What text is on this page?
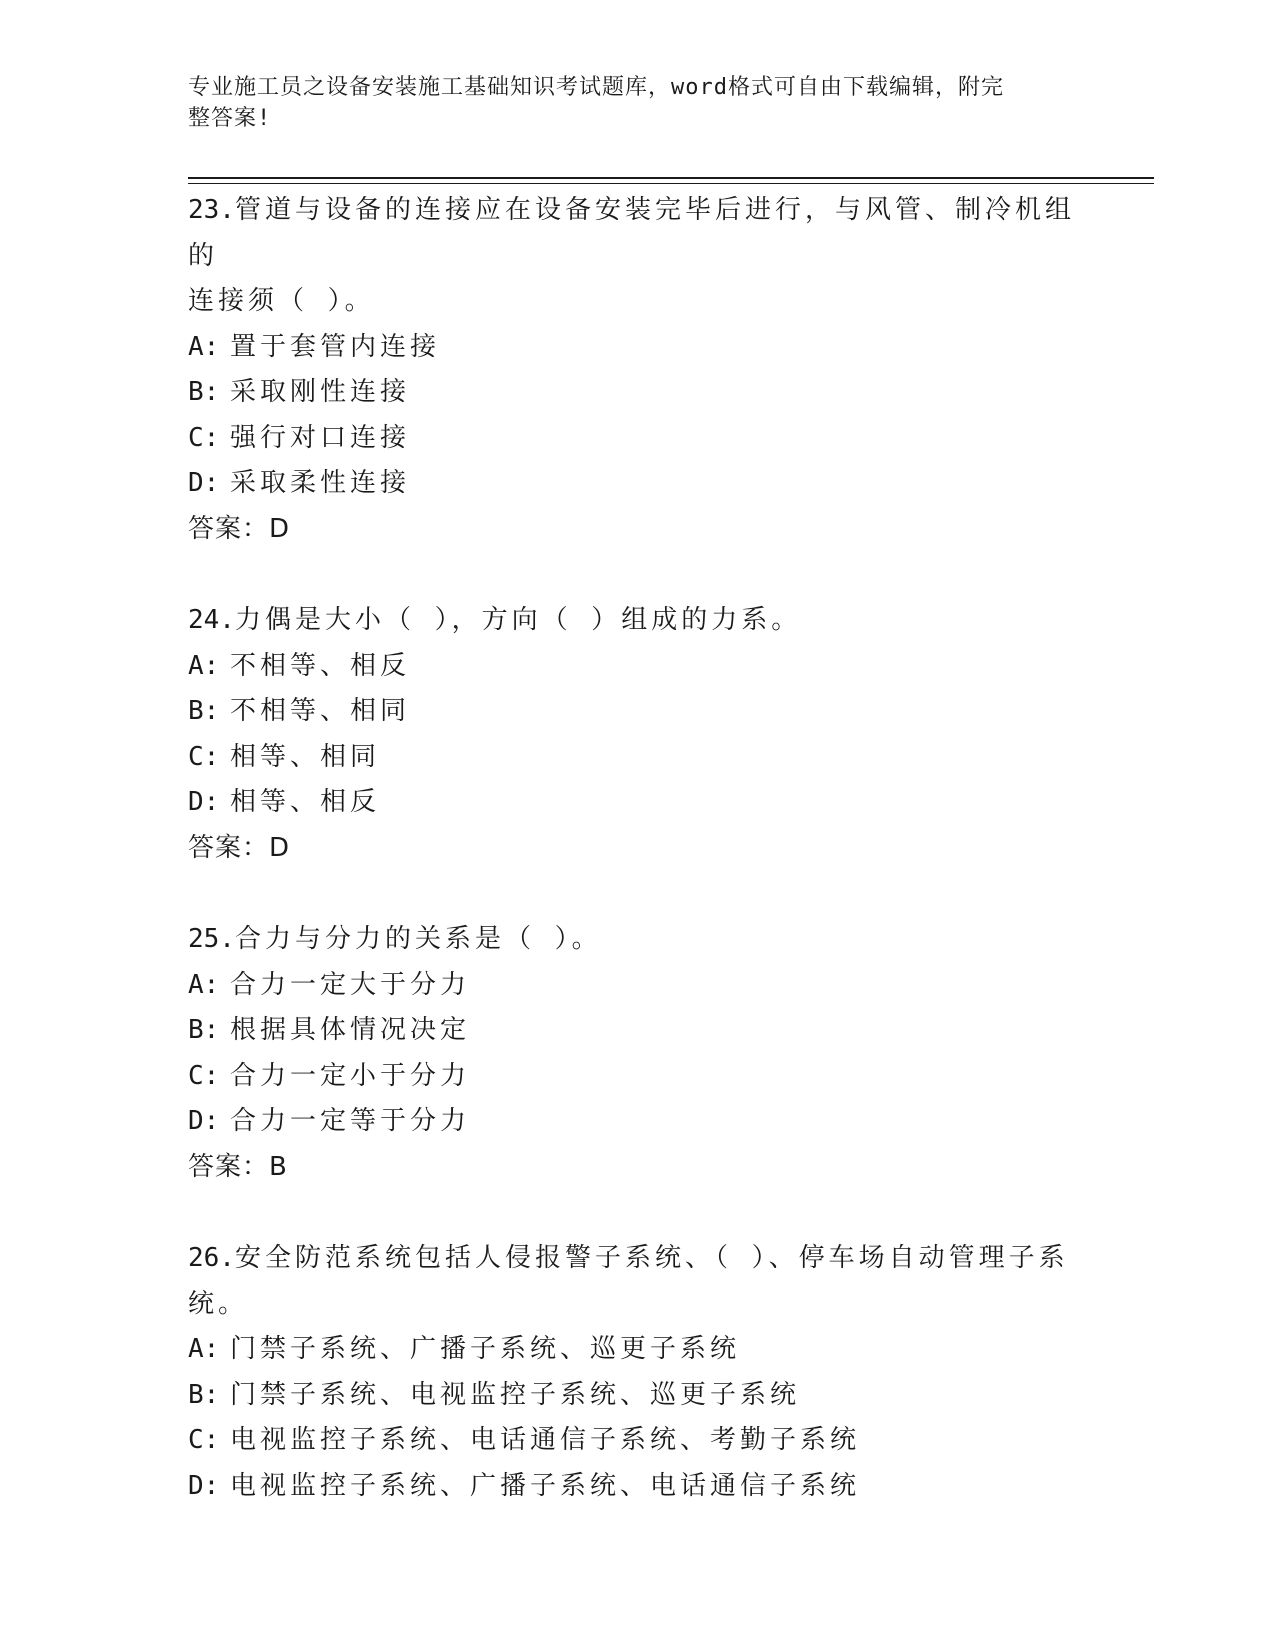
专业施工员之设备安装施工基础知识考试题库，word格式可自由下载编辑，附完
整答案!

23.管道与设备的连接应在设备安装完毕后进行，与风管、制冷机组的

连接须（ ）。

A: 置于套管内连接

B: 采取刚性连接

C: 强行对口连接

D: 采取柔性连接

答案：D

24.力偶是大小（ ），方向（ ）组成的力系。

A: 不相等、相反

B: 不相等、相同

C: 相等、相同

D: 相等、相反

答案：D

25.合力与分力的关系是（ ）。

A: 合力一定大于分力

B: 根据具体情况决定

C: 合力一定小于分力

D: 合力一定等于分力

答案：B

26.安全防范系统包括人侵报警子系统、（ ）、停车场自动管理子系

统。

A: 门禁子系统、广播子系统、巡更子系统

B: 门禁子系统、电视监控子系统、巡更子系统

C: 电视监控子系统、电话通信子系统、考勤子系统

D: 电视监控子系统、广播子系统、电话通信子系统
